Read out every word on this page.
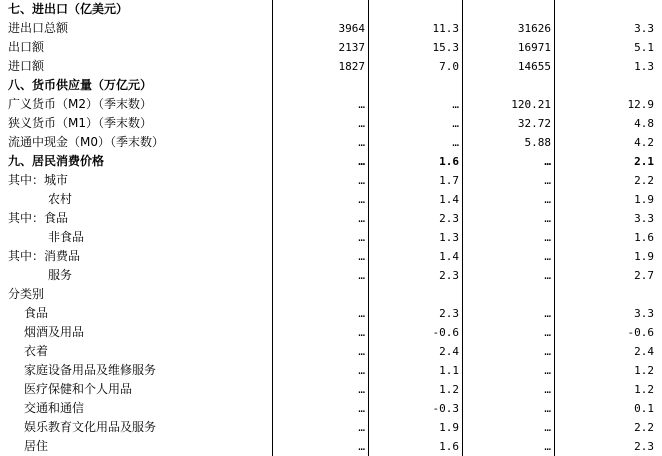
七、进出口（亿美元）
进出口总额	3964	11.3	31626	3.3
出口额	2137	15.3	16971	5.1
进口额	1827	7.0	14655	1.3
八、货币供应量（万亿元）
广义货币（M2）（季末数）	…	…	120.21	12.9
狭义货币（M1）（季末数）	…	…	32.72	4.8
流通中现金（M0）（季末数）	…	…	5.88	4.2
九、居民消费价格	…	1.6	…	2.1
其中：城市	…	1.7	…	2.2
农村	…	1.4	…	1.9
其中：食品	…	2.3	…	3.3
非食品	…	1.3	…	1.6
其中：消费品	…	1.4	…	1.9
服务	…	2.3	…	2.7
分类别
食品	…	2.3	…	3.3
烟酒及用品	…	-0.6	…	-0.6
衣着	…	2.4	…	2.4
家庭设备用品及维修服务	…	1.1	…	1.2
医疗保健和个人用品	…	1.2	…	1.2
交通和通信	…	-0.3	…	0.1
娱乐教育文化用品及服务	…	1.9	…	2.2
居住	…	1.6	…	2.3
